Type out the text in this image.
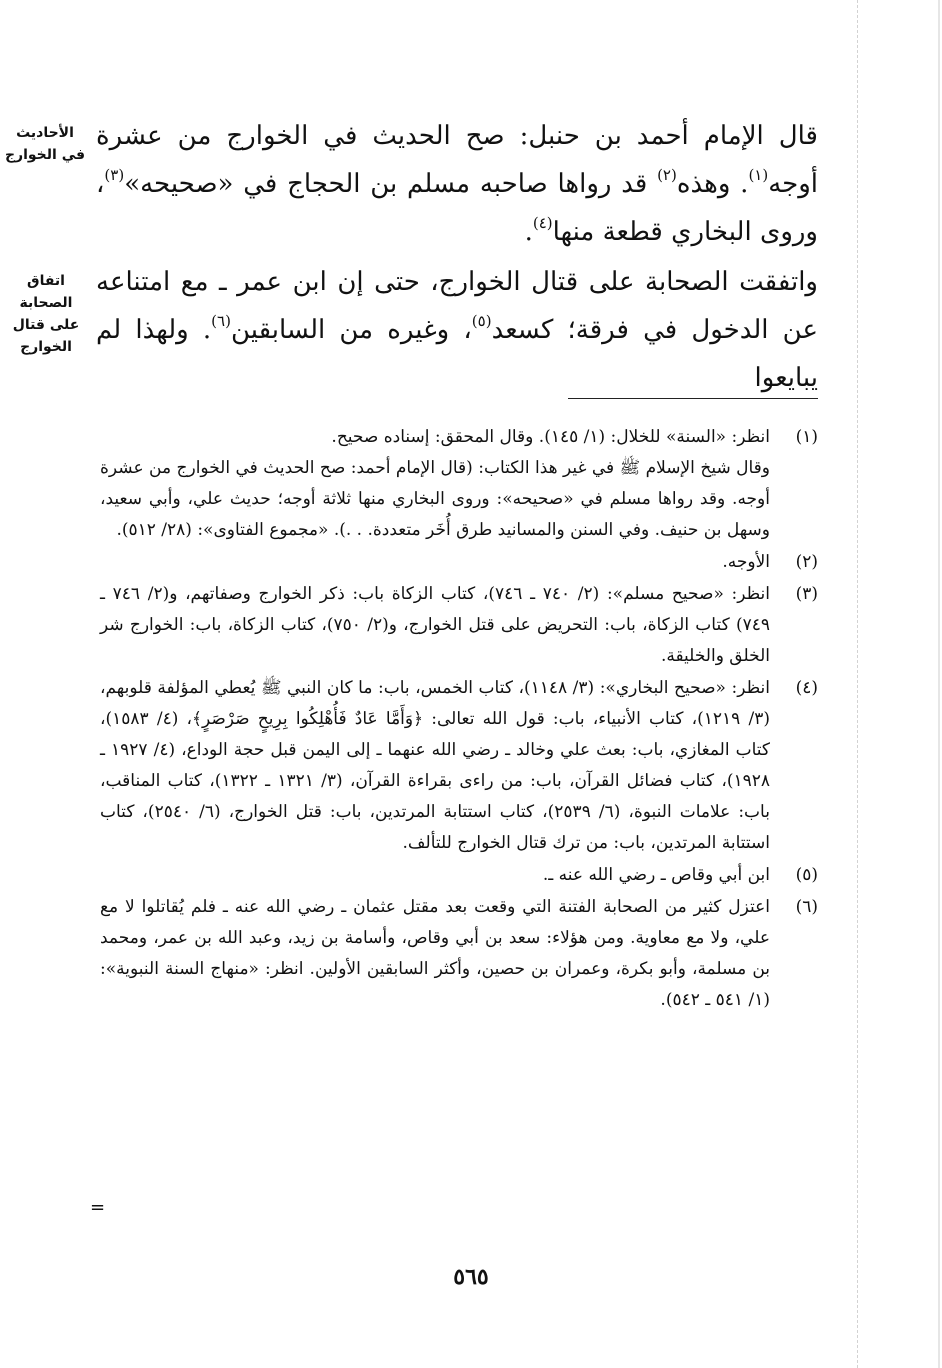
الأحاديث
في الخوارج
اتفاق الصحابة
على قتال الخوارج

قال الإمام أحمد بن حنبل: صح الحديث في الخوارج من عشرة أوجه$^{(١)}$. وهذه$^{(٢)}$ قد رواها صاحبه مسلم بن الحجاج في «صحيحه»$^{(٣)}$، وروى البخاري قطعة منها$^{(٤)}$.

واتفقت الصحابة على قتال الخوارج، حتى إن ابن عمر ـ مع امتناعه عن الدخول في فرقة؛ كسعد$^{(٥)}$، وغيره من السابقين$^{(٦)}$. ولهذا لم يبايعوا

(١)
انظر: «السنة» للخلال: (١/ ١٤٥). وقال المحقق: إسناده صحيح.
وقال شيخ الإسلام ﷺ في غير هذا الكتاب: (قال الإمام أحمد: صح الحديث في الخوارج من عشرة أوجه. وقد رواها مسلم في «صحيحه»: وروى البخاري منها ثلاثة أوجه؛ حديث علي، وأبي سعيد، وسهل بن حنيف. وفي السنن والمسانيد طرق أُخَر متعددة. . .). «مجموع الفتاوى»: (٢٨/ ٥١٢).
(٢)
الأوجه.
(٣)
انظر: «صحيح مسلم»: (٢/ ٧٤٠ ـ ٧٤٦)، كتاب الزكاة باب: ذكر الخوارج وصفاتهم، و(٢/ ٧٤٦ ـ ٧٤٩) كتاب الزكاة، باب: التحريض على قتل الخوارج، و(٢/ ٧٥٠)، كتاب الزكاة، باب: الخوارج شر الخلق والخليقة.
(٤)
انظر: «صحيح البخاري»: (٣/ ١١٤٨)، كتاب الخمس، باب: ما كان النبي ﷺ يُعطي المؤلفة قلوبهم، (٣/ ١٢١٩)، كتاب الأنبياء، باب: قول الله تعالى: ﴿وَأَمَّا عَادٌ فَأُهْلِكُوا بِرِيحٍ صَرْصَرٍ﴾، (٤/ ١٥٨٣)، كتاب المغازي، باب: بعث علي وخالد ـ رضي الله عنهما ـ إلى اليمن قبل حجة الوداع، (٤/ ١٩٢٧ ـ ١٩٢٨)، كتاب فضائل القرآن، باب: من راءى بقراءة القرآن، (٣/ ١٣٢١ ـ ١٣٢٢)، كتاب المناقب، باب: علامات النبوة، (٦/ ٢٥٣٩)، كتاب استتابة المرتدين، باب: قتل الخوارج، (٦/ ٢٥٤٠)، كتاب استتابة المرتدين، باب: من ترك قتال الخوارج للتألف.
(٥)
ابن أبي وقاص ـ رضي الله عنه ـ.
(٦)
اعتزل كثير من الصحابة الفتنة التي وقعت بعد مقتل عثمان ـ رضي الله عنه ـ فلم يُقاتلوا لا مع علي، ولا مع معاوية. ومن هؤلاء: سعد بن أبي وقاص، وأسامة بن زيد، وعبد الله بن عمر، ومحمد بن مسلمة، وأبو بكرة، وعمران بن حصين، وأكثر السابقين الأولين. انظر: «منهاج السنة النبوية»: (١/ ٥٤١ ـ ٥٤٢).
=
٥٦٥
